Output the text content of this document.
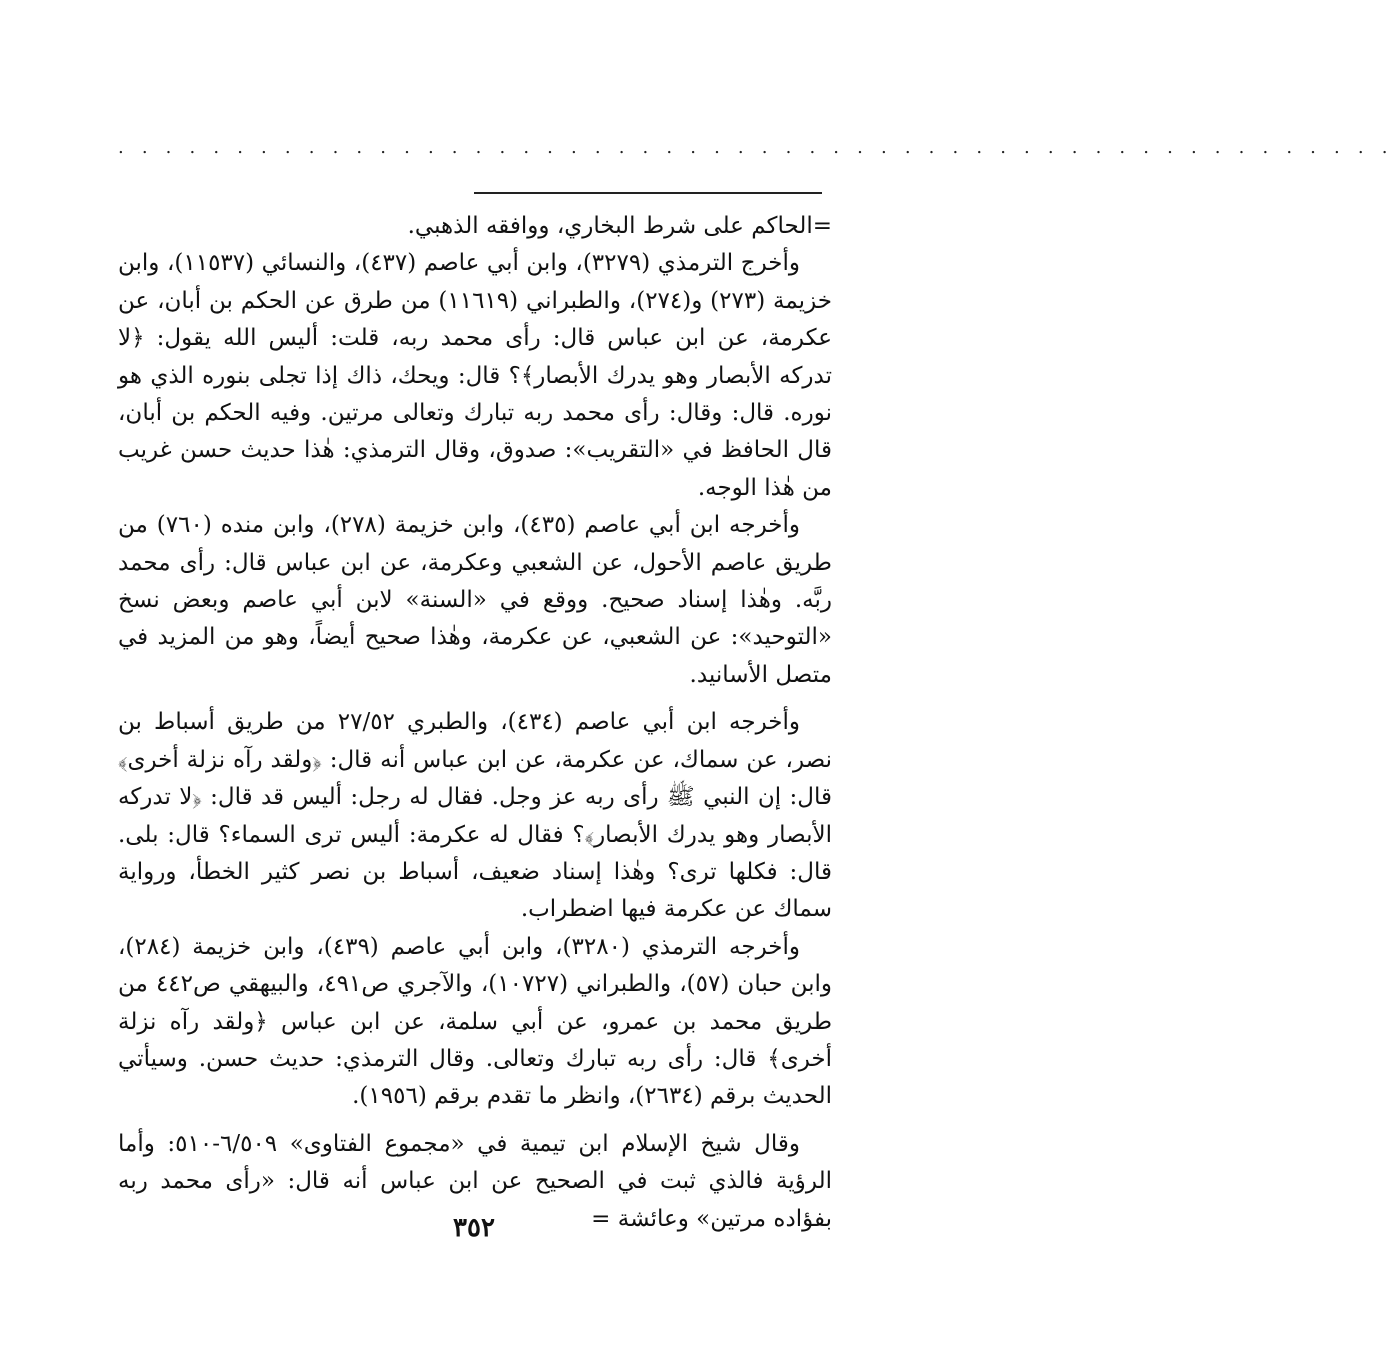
. . . . . . . . . . . . . . . . . . . . . . . . . . . . . . . . . . . . . . . . . . . . . . . . . . . . . .

=الحاكم على شرط البخاري، ووافقه الذهبي.

وأخرج الترمذي (٣٢٧٩)، وابن أبي عاصم (٤٣٧)، والنسائي (١١٥٣٧)، وابن خزيمة (٢٧٣) و(٢٧٤)، والطبراني (١١٦١٩) من طرق عن الحكم بن أبان، عن عكرمة، عن ابن عباس قال: رأى محمد ربه، قلت: أليس الله يقول: ﴿لا تدركه الأبصار وهو يدرك الأبصار﴾؟ قال: ويحك، ذاك إذا تجلى بنوره الذي هو نوره. قال: وقال: رأى محمد ربه تبارك وتعالى مرتين. وفيه الحكم بن أبان، قال الحافظ في «التقريب»: صدوق، وقال الترمذي: هٰذا حديث حسن غريب من هٰذا الوجه.

وأخرجه ابن أبي عاصم (٤٣٥)، وابن خزيمة (٢٧٨)، وابن منده (٧٦٠) من طريق عاصم الأحول، عن الشعبي وعكرمة، عن ابن عباس قال: رأى محمد ربَّه. وهٰذا إسناد صحيح. ووقع في «السنة» لابن أبي عاصم وبعض نسخ «التوحيد»: عن الشعبي، عن عكرمة، وهٰذا صحيح أيضاً، وهو من المزيد في متصل الأسانيد.

وأخرجه ابن أبي عاصم (٤٣٤)، والطبري ٢٧/٥٢ من طريق أسباط بن نصر، عن سماك، عن عكرمة، عن ابن عباس أنه قال: ﴿ولقد رآه نزلة أخرى﴾ قال: إن النبي ﷺ رأى ربه عز وجل. فقال له رجل: أليس قد قال: ﴿لا تدركه الأبصار وهو يدرك الأبصار﴾؟ فقال له عكرمة: أليس ترى السماء؟ قال: بلى. قال: فكلها ترى؟ وهٰذا إسناد ضعيف، أسباط بن نصر كثير الخطأ، ورواية سماك عن عكرمة فيها اضطراب.

وأخرجه الترمذي (٣٢٨٠)، وابن أبي عاصم (٤٣٩)، وابن خزيمة (٢٨٤)، وابن حبان (٥٧)، والطبراني (١٠٧٢٧)، والآجري ص٤٩١، والبيهقي ص٤٤٢ من طريق محمد بن عمرو، عن أبي سلمة، عن ابن عباس ﴿ولقد رآه نزلة أخرى﴾ قال: رأى ربه تبارك وتعالى. وقال الترمذي: حديث حسن. وسيأتي الحديث برقم (٢٦٣٤)، وانظر ما تقدم برقم (١٩٥٦).

وقال شيخ الإسلام ابن تيمية في «مجموع الفتاوى» ٦/٥٠٩-٥١٠: وأما الرؤية فالذي ثبت في الصحيح عن ابن عباس أنه قال: «رأى محمد ربه بفؤاده مرتين» وعائشة =

٣٥٢
